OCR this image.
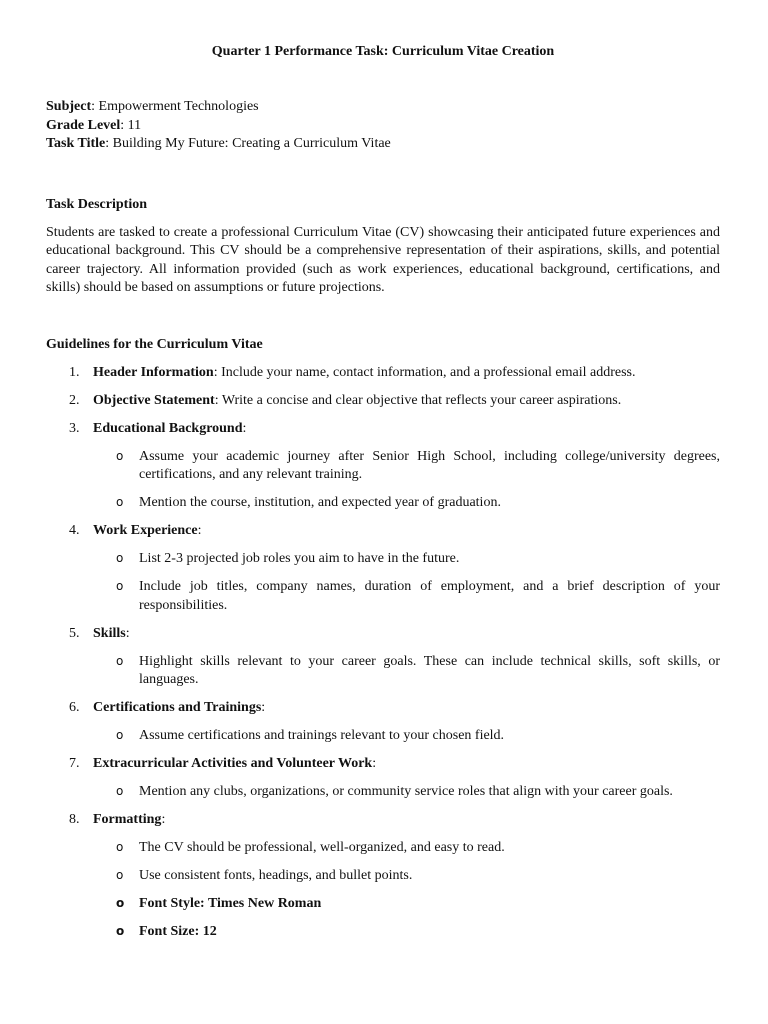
Quarter 1 Performance Task: Curriculum Vitae Creation

Subject: Empowerment Technologies
Grade Level: 11
Task Title: Building My Future: Creating a Curriculum Vitae
Task Description
Students are tasked to create a professional Curriculum Vitae (CV) showcasing their anticipated future experiences and educational background. This CV should be a comprehensive representation of their aspirations, skills, and potential career trajectory. All information provided (such as work experiences, educational background, certifications, and skills) should be based on assumptions or future projections.
Guidelines for the Curriculum Vitae
1. Header Information: Include your name, contact information, and a professional email address.
2. Objective Statement: Write a concise and clear objective that reflects your career aspirations.
3. Educational Background:
o Assume your academic journey after Senior High School, including college/university degrees, certifications, and any relevant training.
o Mention the course, institution, and expected year of graduation.
4. Work Experience:
o List 2-3 projected job roles you aim to have in the future.
o Include job titles, company names, duration of employment, and a brief description of your responsibilities.
5. Skills:
o Highlight skills relevant to your career goals. These can include technical skills, soft skills, or languages.
6. Certifications and Trainings:
o Assume certifications and trainings relevant to your chosen field.
7. Extracurricular Activities and Volunteer Work:
o Mention any clubs, organizations, or community service roles that align with your career goals.
8. Formatting:
o The CV should be professional, well-organized, and easy to read.
o Use consistent fonts, headings, and bullet points.
o Font Style: Times New Roman
o Font Size: 12
